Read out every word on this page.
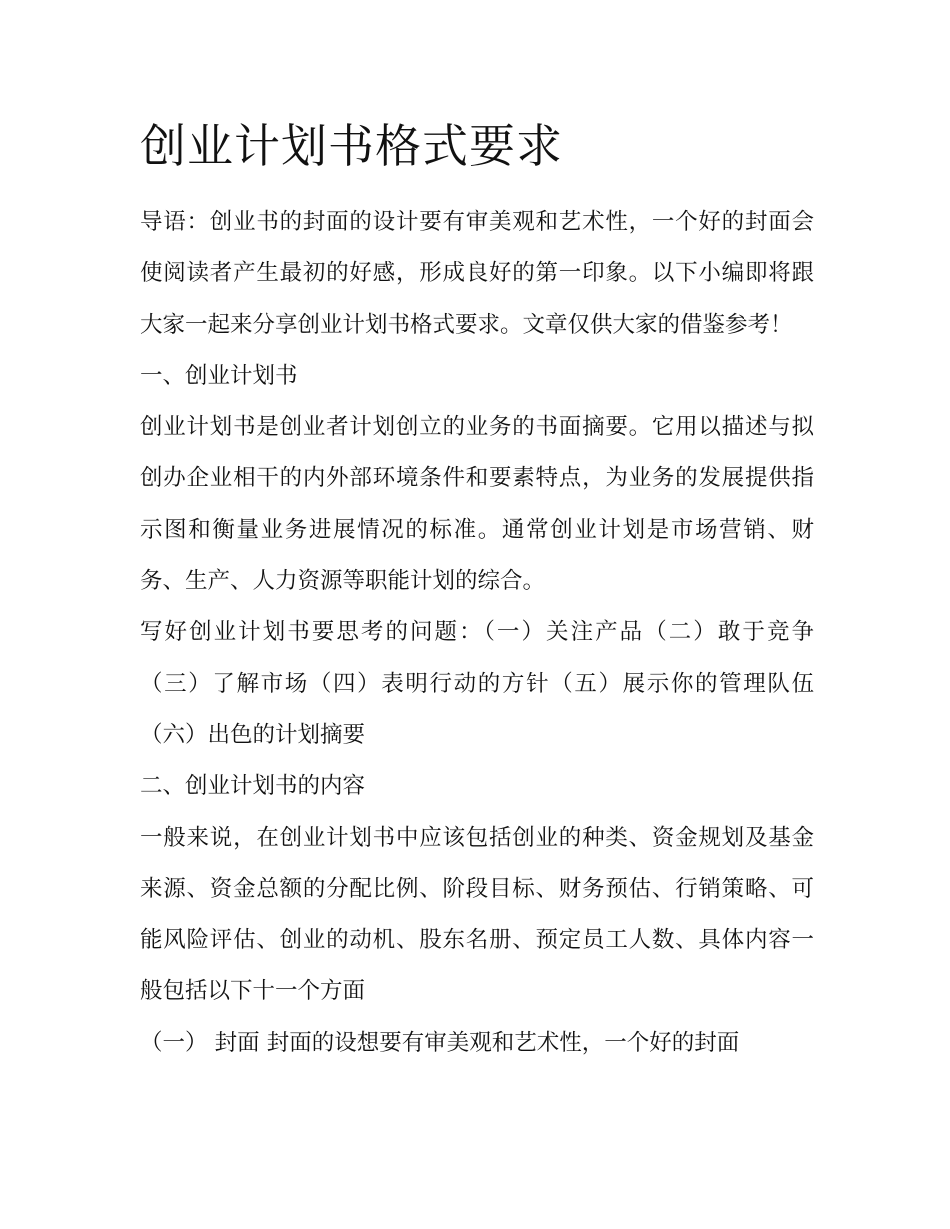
创业计划书格式要求

导语：创业书的封面的设计要有审美观和艺术性，一个好的封面会使阅读者产生最初的好感，形成良好的第一印象。以下小编即将跟大家一起来分享创业计划书格式要求。文章仅供大家的借鉴参考！

一、创业计划书

创业计划书是创业者计划创立的业务的书面摘要。它用以描述与拟创办企业相干的内外部环境条件和要素特点，为业务的发展提供指示图和衡量业务进展情况的标准。通常创业计划是市场营销、财务、生产、人力资源等职能计划的综合。

写好创业计划书要思考的问题：（一）关注产品（二）敢于竞争（三）了解市场（四）表明行动的方针（五）展示你的管理队伍（六）出色的计划摘要

二、创业计划书的内容

一般来说，在创业计划书中应该包括创业的种类、资金规划及基金来源、资金总额的分配比例、阶段目标、财务预估、行销策略、可能风险评估、创业的动机、股东名册、预定员工人数、具体内容一般包括以下十一个方面

（一） 封面 封面的设想要有审美观和艺术性，一个好的封面
